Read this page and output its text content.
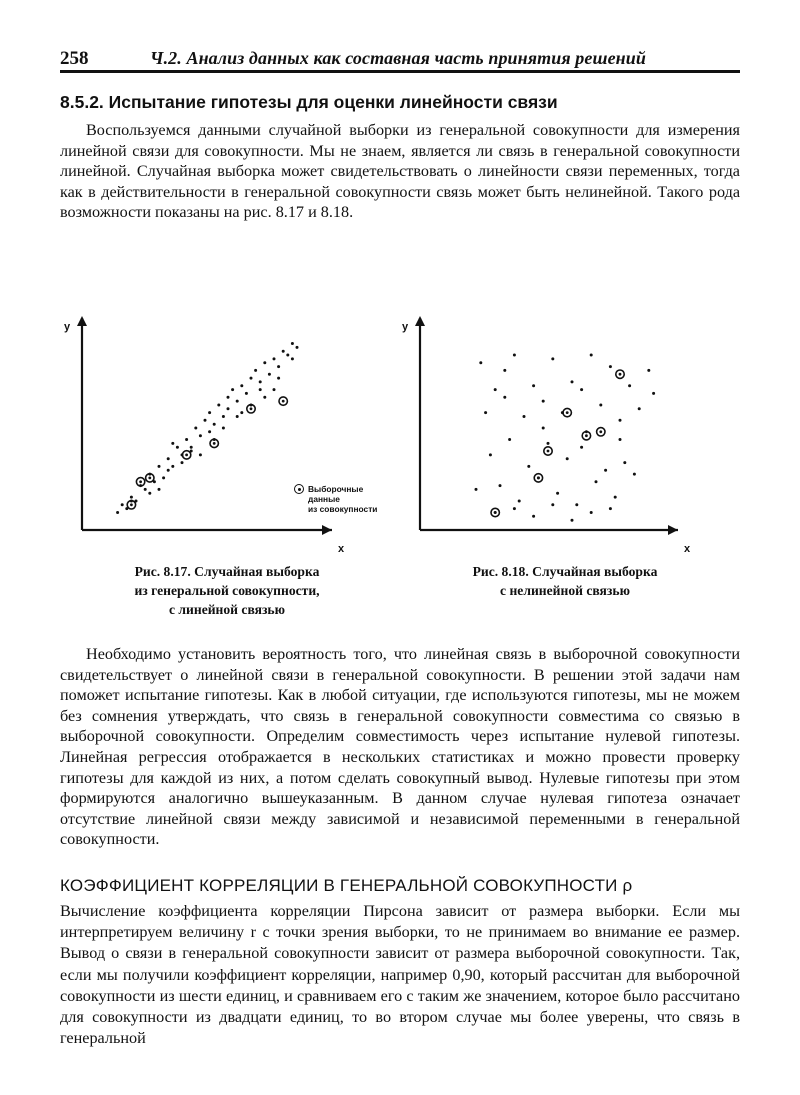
258	Ч.2. Анализ данных как составная часть принятия решений
8.5.2. Испытание гипотезы для оценки линейности связи

Воспользуемся данными случайной выборки из генеральной совокупности для измерения линейной связи для совокупности. Мы не знаем, является ли связь в генеральной совокупности линейной. Случайная выборка может свидетельствовать о линейности связи переменных, тогда как в действительности в генеральной совокупности связь может быть нелинейной. Такого рода возможности показаны на рис. 8.17 и 8.18.

y
x
Выборочные
данные
из совокупности
Рис. 8.17. Случайная выборка
из генеральной совокупности,
с линейной связью
y
x
Рис. 8.18. Случайная выборка
с нелинейной связью

Необходимо установить вероятность того, что линейная связь в выборочной совокупности свидетельствует о линейной связи в генеральной совокупности. В решении этой задачи нам поможет испытание гипотезы. Как в любой ситуации, где используются гипотезы, мы не можем без сомнения утверждать, что связь в генеральной совокупности совместима со связью в выборочной совокупности. Определим совместимость через испытание нулевой гипотезы. Линейная регрессия отображается в нескольких статистиках и можно провести проверку гипотезы для каждой из них, а потом сделать совокупный вывод. Нулевые гипотезы при этом формируются аналогично вышеуказанным. В данном случае нулевая гипотеза означает отсутствие линейной связи между зависимой и независимой переменными в генеральной совокупности.

КОЭФФИЦИЕНТ КОРРЕЛЯЦИИ В ГЕНЕРАЛЬНОЙ СОВОКУПНОСТИ ρ

Вычисление коэффициента корреляции Пирсона зависит от размера выборки. Если мы интерпретируем величину r с точки зрения выборки, то не принимаем во внимание ее размер. Вывод о связи в генеральной совокупности зависит от размера выборочной совокупности. Так, если мы получили коэффициент корреляции, например 0,90, который рассчитан для выборочной совокупности из шести единиц, и сравниваем его с таким же значением, которое было рассчитано для совокупности из двадцати единиц, то во втором случае мы более уверены, что связь в генеральной
